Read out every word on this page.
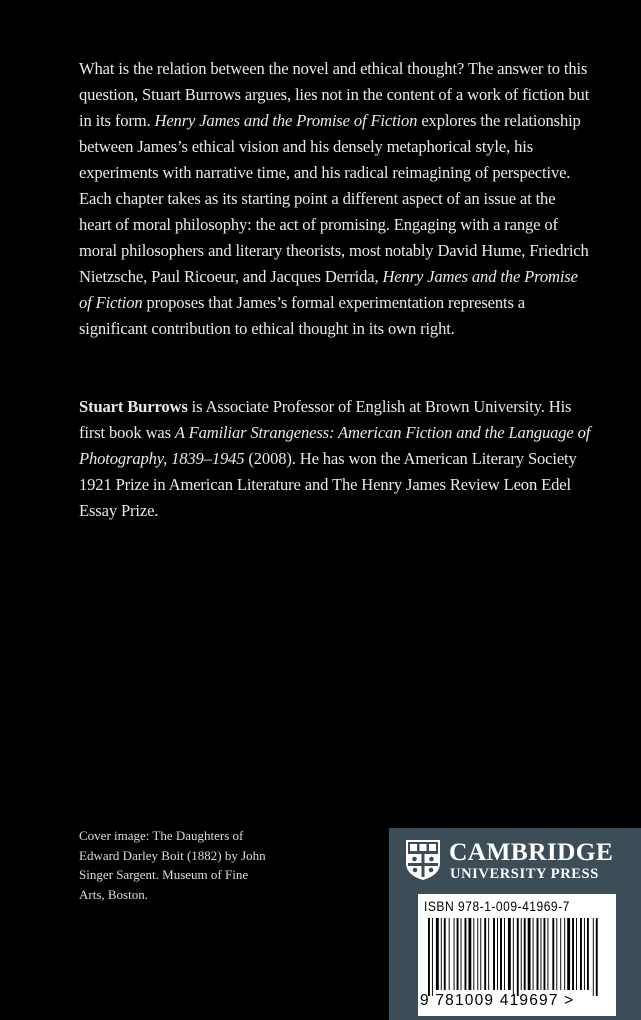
What is the relation between the novel and ethical thought? The answer to this question, Stuart Burrows argues, lies not in the content of a work of fiction but in its form. Henry James and the Promise of Fiction explores the relationship between James’s ethical vision and his densely metaphorical style, his experiments with narrative time, and his radical reimagining of perspective. Each chapter takes as its starting point a different aspect of an issue at the heart of moral philosophy: the act of promising. Engaging with a range of moral philosophers and literary theorists, most notably David Hume, Friedrich Nietzsche, Paul Ricoeur, and Jacques Derrida, Henry James and the Promise of Fiction proposes that James’s formal experimentation represents a significant contribution to ethical thought in its own right.

Stuart Burrows is Associate Professor of English at Brown University. His first book was A Familiar Strangeness: American Fiction and the Language of Photography, 1839–1945 (2008). He has won the American Literary Society 1921 Prize in American Literature and The Henry James Review Leon Edel Essay Prize.

Cover image: The Daughters of Edward Darley Boit (1882) by John Singer Sargent. Museum of Fine Arts, Boston.

CAMBRIDGE
UNIVERSITY PRESS
ISBN 978-1-009-41969-7
9 781009 419697 >
